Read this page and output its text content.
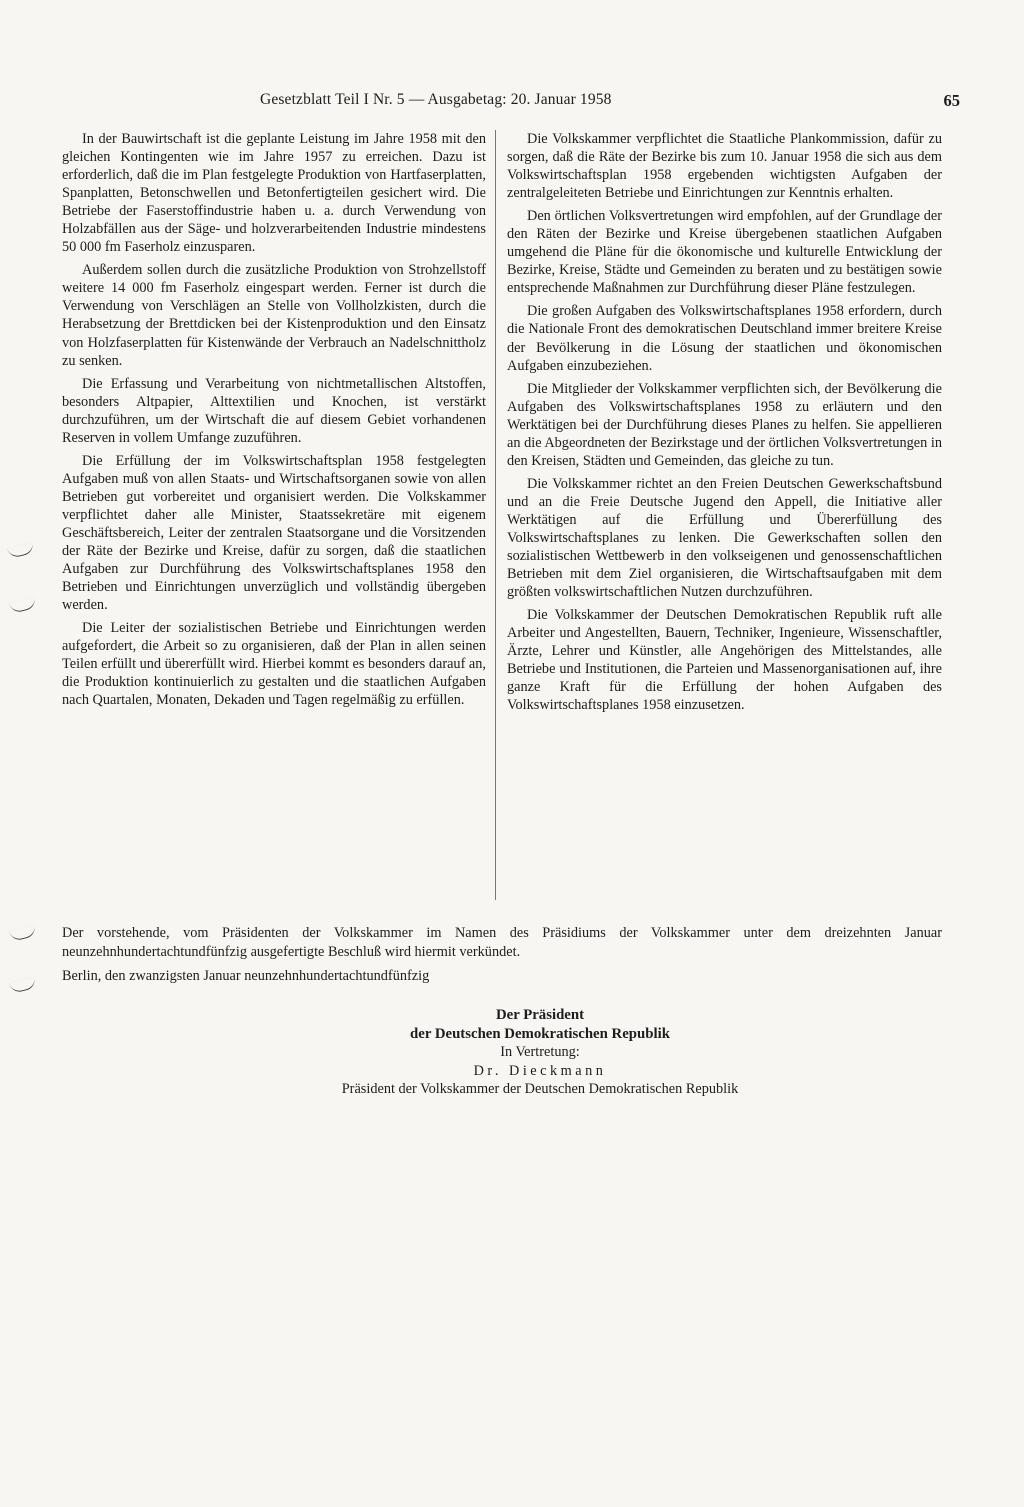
Gesetzblatt Teil I Nr. 5 — Ausgabetag: 20. Januar 1958	65

In der Bauwirtschaft ist die geplante Leistung im Jahre 1958 mit den gleichen Kontingenten wie im Jahre 1957 zu erreichen. Dazu ist erforderlich, daß die im Plan festgelegte Produktion von Hartfaserplatten, Spanplatten, Betonschwellen und Betonfertigteilen gesichert wird. Die Betriebe der Faserstoffindustrie haben u. a. durch Verwendung von Holzabfällen aus der Säge- und holzverarbeitenden Industrie mindestens 50 000 fm Faserholz einzusparen.

Außerdem sollen durch die zusätzliche Produktion von Strohzellstoff weitere 14 000 fm Faserholz eingespart werden. Ferner ist durch die Verwendung von Verschlägen an Stelle von Vollholzkisten, durch die Herabsetzung der Brettdicken bei der Kistenproduktion und den Einsatz von Holzfaserplatten für Kistenwände der Verbrauch an Nadelschnittholz zu senken.

Die Erfassung und Verarbeitung von nichtmetallischen Altstoffen, besonders Altpapier, Alttextilien und Knochen, ist verstärkt durchzuführen, um der Wirtschaft die auf diesem Gebiet vorhandenen Reserven in vollem Umfange zuzuführen.

Die Erfüllung der im Volkswirtschaftsplan 1958 festgelegten Aufgaben muß von allen Staats- und Wirtschaftsorganen sowie von allen Betrieben gut vorbereitet und organisiert werden. Die Volkskammer verpflichtet daher alle Minister, Staatssekretäre mit eigenem Geschäftsbereich, Leiter der zentralen Staatsorgane und die Vorsitzenden der Räte der Bezirke und Kreise, dafür zu sorgen, daß die staatlichen Aufgaben zur Durchführung des Volkswirtschaftsplanes 1958 den Betrieben und Einrichtungen unverzüglich und vollständig übergeben werden.

Die Leiter der sozialistischen Betriebe und Einrichtungen werden aufgefordert, die Arbeit so zu organisieren, daß der Plan in allen seinen Teilen erfüllt und übererfüllt wird. Hierbei kommt es besonders darauf an, die Produktion kontinuierlich zu gestalten und die staatlichen Aufgaben nach Quartalen, Monaten, Dekaden und Tagen regelmäßig zu erfüllen.

Die Volkskammer verpflichtet die Staatliche Plankommission, dafür zu sorgen, daß die Räte der Bezirke bis zum 10. Januar 1958 die sich aus dem Volkswirtschaftsplan 1958 ergebenden wichtigsten Aufgaben der zentralgeleiteten Betriebe und Einrichtungen zur Kenntnis erhalten.

Den örtlichen Volksvertretungen wird empfohlen, auf der Grundlage der den Räten der Bezirke und Kreise übergebenen staatlichen Aufgaben umgehend die Pläne für die ökonomische und kulturelle Entwicklung der Bezirke, Kreise, Städte und Gemeinden zu beraten und zu bestätigen sowie entsprechende Maßnahmen zur Durchführung dieser Pläne festzulegen.

Die großen Aufgaben des Volkswirtschaftsplanes 1958 erfordern, durch die Nationale Front des demokratischen Deutschland immer breitere Kreise der Bevölkerung in die Lösung der staatlichen und ökonomischen Aufgaben einzubeziehen.

Die Mitglieder der Volkskammer verpflichten sich, der Bevölkerung die Aufgaben des Volkswirtschaftsplanes 1958 zu erläutern und den Werktätigen bei der Durchführung dieses Planes zu helfen. Sie appellieren an die Abgeordneten der Bezirkstage und der örtlichen Volksvertretungen in den Kreisen, Städten und Gemeinden, das gleiche zu tun.

Die Volkskammer richtet an den Freien Deutschen Gewerkschaftsbund und an die Freie Deutsche Jugend den Appell, die Initiative aller Werktätigen auf die Erfüllung und Übererfüllung des Volkswirtschaftsplanes zu lenken. Die Gewerkschaften sollen den sozialistischen Wettbewerb in den volkseigenen und genossenschaftlichen Betrieben mit dem Ziel organisieren, die Wirtschaftsaufgaben mit dem größten volkswirtschaftlichen Nutzen durchzuführen.

Die Volkskammer der Deutschen Demokratischen Republik ruft alle Arbeiter und Angestellten, Bauern, Techniker, Ingenieure, Wissenschaftler, Ärzte, Lehrer und Künstler, alle Angehörigen des Mittelstandes, alle Betriebe und Institutionen, die Parteien und Massenorganisationen auf, ihre ganze Kraft für die Erfüllung der hohen Aufgaben des Volkswirtschaftsplanes 1958 einzusetzen.

Der vorstehende, vom Präsidenten der Volkskammer im Namen des Präsidiums der Volkskammer unter dem dreizehnten Januar neunzehnhundertachtundfünfzig ausgefertigte Beschluß wird hiermit verkündet.

Berlin, den zwanzigsten Januar neunzehnhundertachtundfünfzig

Der Präsident
der Deutschen Demokratischen Republik
In Vertretung:
Dr. Dieckmann
Präsident der Volkskammer der Deutschen Demokratischen Republik
